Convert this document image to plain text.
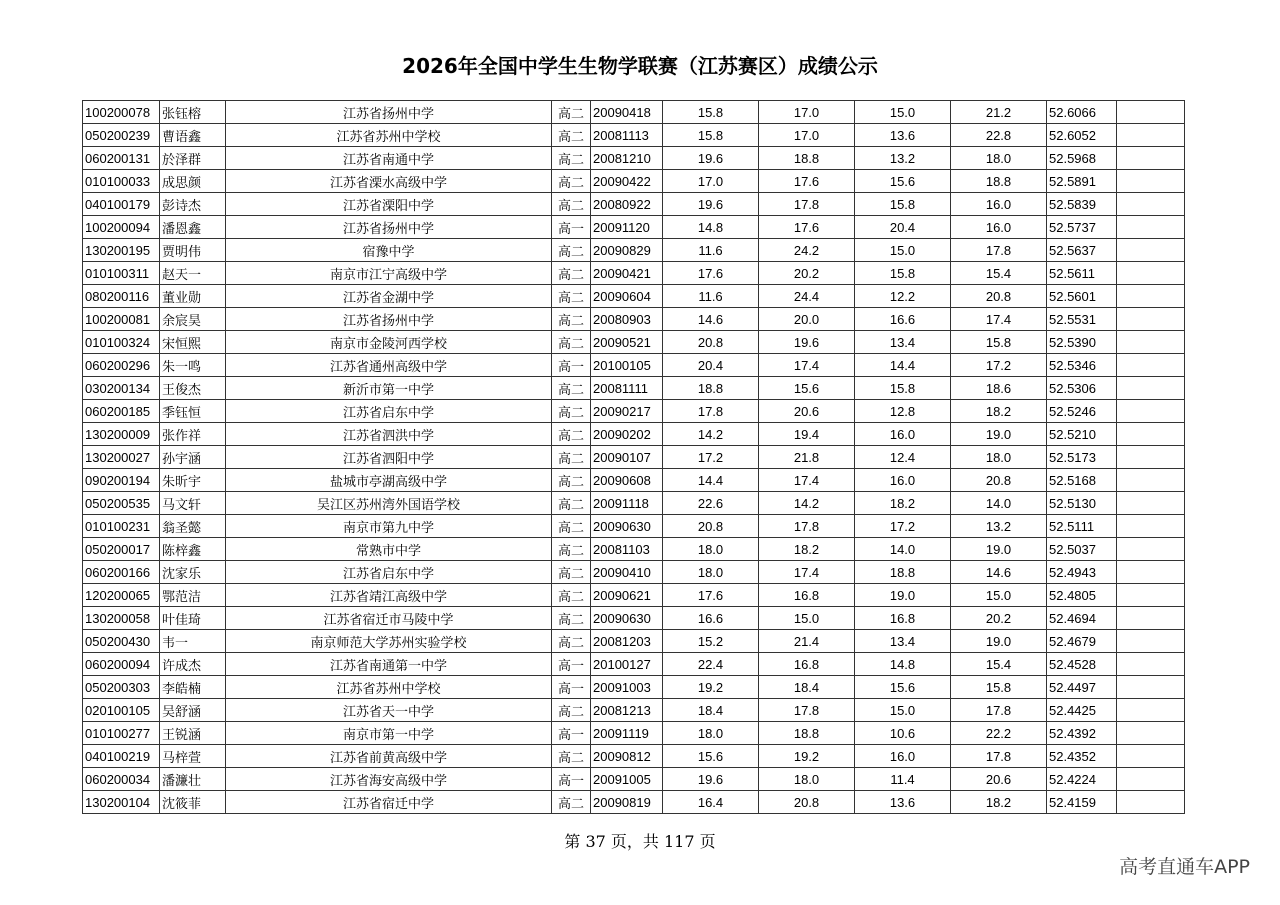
2026年全国中学生生物学联赛（江苏赛区）成绩公示
100200078	张钰榕	江苏省扬州中学	高二	20090418	15.8	17.0	15.0	21.2	52.6066	
050200239	曹语鑫	江苏省苏州中学校	高二	20081113	15.8	17.0	13.6	22.8	52.6052	
060200131	於泽群	江苏省南通中学	高二	20081210	19.6	18.8	13.2	18.0	52.5968	
010100033	成思颜	江苏省溧水高级中学	高二	20090422	17.0	17.6	15.6	18.8	52.5891	
040100179	彭诗杰	江苏省溧阳中学	高二	20080922	19.6	17.8	15.8	16.0	52.5839	
100200094	潘恩鑫	江苏省扬州中学	高一	20091120	14.8	17.6	20.4	16.0	52.5737	
130200195	贾明伟	宿豫中学	高二	20090829	11.6	24.2	15.0	17.8	52.5637	
010100311	赵天一	南京市江宁高级中学	高二	20090421	17.6	20.2	15.8	15.4	52.5611	
080200116	董业勋	江苏省金湖中学	高二	20090604	11.6	24.4	12.2	20.8	52.5601	
100200081	余宸昊	江苏省扬州中学	高二	20080903	14.6	20.0	16.6	17.4	52.5531	
010100324	宋恒熙	南京市金陵河西学校	高二	20090521	20.8	19.6	13.4	15.8	52.5390	
060200296	朱一鸣	江苏省通州高级中学	高一	20100105	20.4	17.4	14.4	17.2	52.5346	
030200134	王俊杰	新沂市第一中学	高二	20081111	18.8	15.6	15.8	18.6	52.5306	
060200185	季钰恒	江苏省启东中学	高二	20090217	17.8	20.6	12.8	18.2	52.5246	
130200009	张作祥	江苏省泗洪中学	高二	20090202	14.2	19.4	16.0	19.0	52.5210	
130200027	孙宇涵	江苏省泗阳中学	高二	20090107	17.2	21.8	12.4	18.0	52.5173	
090200194	朱昕宇	盐城市亭湖高级中学	高二	20090608	14.4	17.4	16.0	20.8	52.5168	
050200535	马文轩	吴江区苏州湾外国语学校	高二	20091118	22.6	14.2	18.2	14.0	52.5130	
010100231	翁圣懿	南京市第九中学	高二	20090630	20.8	17.8	17.2	13.2	52.5111	
050200017	陈梓鑫	常熟市中学	高二	20081103	18.0	18.2	14.0	19.0	52.5037	
060200166	沈家乐	江苏省启东中学	高二	20090410	18.0	17.4	18.8	14.6	52.4943	
120200065	鄂范洁	江苏省靖江高级中学	高二	20090621	17.6	16.8	19.0	15.0	52.4805	
130200058	叶佳琦	江苏省宿迁市马陵中学	高二	20090630	16.6	15.0	16.8	20.2	52.4694	
050200430	韦一	南京师范大学苏州实验学校	高二	20081203	15.2	21.4	13.4	19.0	52.4679	
060200094	许成杰	江苏省南通第一中学	高一	20100127	22.4	16.8	14.8	15.4	52.4528	
050200303	李皓楠	江苏省苏州中学校	高一	20091003	19.2	18.4	15.6	15.8	52.4497	
020100105	吴舒涵	江苏省天一中学	高二	20081213	18.4	17.8	15.0	17.8	52.4425	
010100277	王锐涵	南京市第一中学	高一	20091119	18.0	18.8	10.6	22.2	52.4392	
040100219	马梓萱	江苏省前黄高级中学	高二	20090812	15.6	19.2	16.0	17.8	52.4352	
060200034	潘濂壮	江苏省海安高级中学	高一	20091005	19.6	18.0	11.4	20.6	52.4224	
130200104	沈筱菲	江苏省宿迁中学	高二	20090819	16.4	20.8	13.6	18.2	52.4159	
第 37 页，共 117 页
高考直通车APP
